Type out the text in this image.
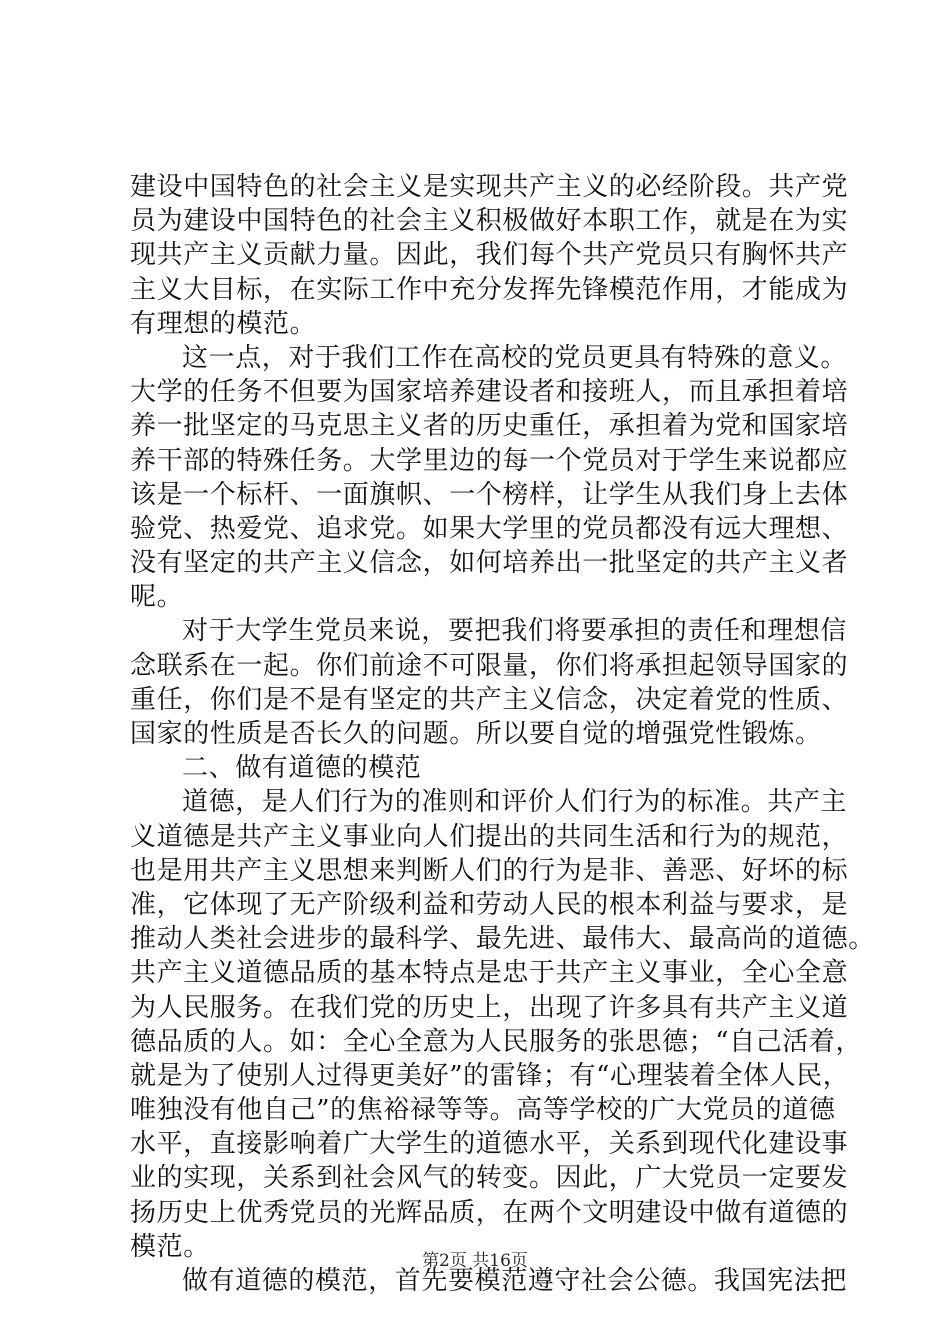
建设中国特色的社会主义是实现共产主义的必经阶段。共产党
员为建设中国特色的社会主义积极做好本职工作，就是在为实
现共产主义贡献力量。因此，我们每个共产党员只有胸怀共产
主义大目标，在实际工作中充分发挥先锋模范作用，才能成为
有理想的模范。
这一点，对于我们工作在高校的党员更具有特殊的意义。
大学的任务不但要为国家培养建设者和接班人，而且承担着培
养一批坚定的马克思主义者的历史重任，承担着为党和国家培
养干部的特殊任务。大学里边的每一个党员对于学生来说都应
该是一个标杆、一面旗帜、一个榜样，让学生从我们身上去体
验党、热爱党、追求党。如果大学里的党员都没有远大理想、
没有坚定的共产主义信念，如何培养出一批坚定的共产主义者
呢。
对于大学生党员来说，要把我们将要承担的责任和理想信
念联系在一起。你们前途不可限量，你们将承担起领导国家的
重任，你们是不是有坚定的共产主义信念，决定着党的性质、
国家的性质是否长久的问题。所以要自觉的增强党性锻炼。
二、做有道德的模范
道德，是人们行为的准则和评价人们行为的标准。共产主
义道德是共产主义事业向人们提出的共同生活和行为的规范，
也是用共产主义思想来判断人们的行为是非、善恶、好坏的标
准，它体现了无产阶级利益和劳动人民的根本利益与要求，是
推动人类社会进步的最科学、最先进、最伟大、最高尚的道德。
共产主义道德品质的基本特点是忠于共产主义事业，全心全意
为人民服务。在我们党的历史上，出现了许多具有共产主义道
德品质的人。如：全心全意为人民服务的张思德；“自己活着，
就是为了使别人过得更美好”的雷锋；有“心理装着全体人民，
唯独没有他自己”的焦裕禄等等。高等学校的广大党员的道德
水平，直接影响着广大学生的道德水平，关系到现代化建设事
业的实现，关系到社会风气的转变。因此，广大党员一定要发
扬历史上优秀党员的光辉品质，在两个文明建设中做有道德的
模范。
做有道德的模范，首先要模范遵守社会公德。我国宪法把
第2页 共16页
